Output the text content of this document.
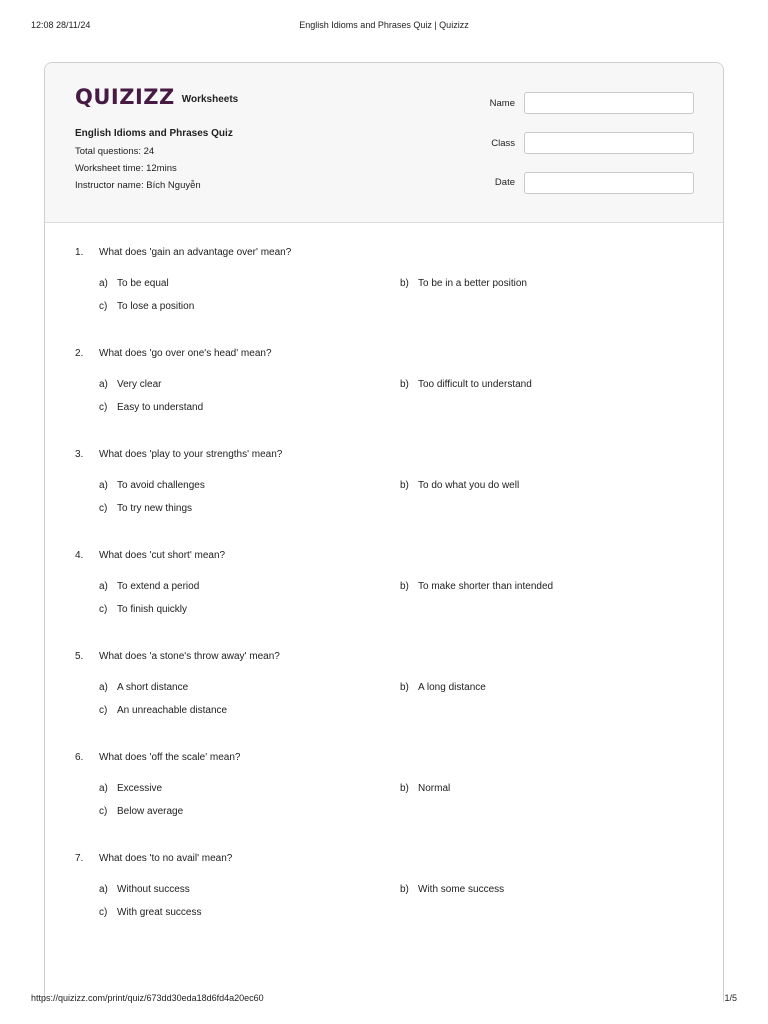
12:08 28/11/24	English Idioms and Phrases Quiz | Quizizz
QUIZIZZ Worksheets
English Idioms and Phrases Quiz
Total questions: 24
Worksheet time: 12mins
Instructor name: Bích Nguyễn
Name
Class
Date
1. What does 'gain an advantage over' mean?
a) To be equal	b) To be in a better position
c) To lose a position
2. What does 'go over one's head' mean?
a) Very clear	b) Too difficult to understand
c) Easy to understand
3. What does 'play to your strengths' mean?
a) To avoid challenges	b) To do what you do well
c) To try new things
4. What does 'cut short' mean?
a) To extend a period	b) To make shorter than intended
c) To finish quickly
5. What does 'a stone's throw away' mean?
a) A short distance	b) A long distance
c) An unreachable distance
6. What does 'off the scale' mean?
a) Excessive	b) Normal
c) Below average
7. What does 'to no avail' mean?
a) Without success	b) With some success
c) With great success
https://quizizz.com/print/quiz/673dd30eda18d6fd4a20ec60	1/5
